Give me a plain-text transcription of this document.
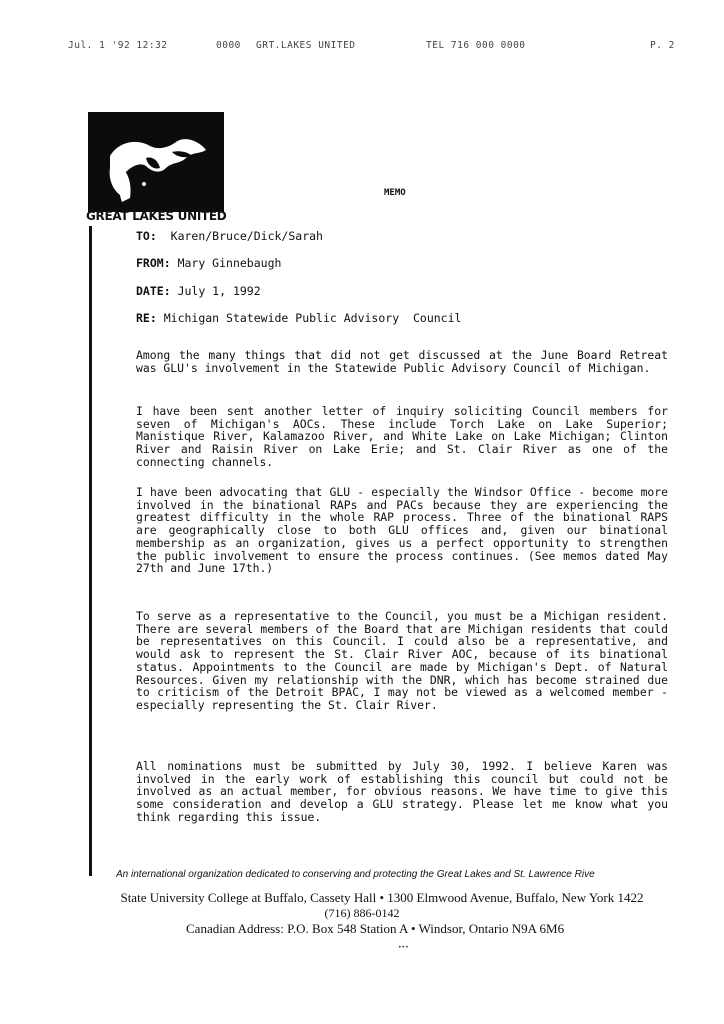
Jul. 1 '92 12:32	0000 GRT.LAKES UNITED	TEL 716 000 0000	P. 2
GREAT LAKES UNITED
MEMO
TO: Karen/Bruce/Dick/Sarah
FROM: Mary Ginnebaugh
DATE: July 1, 1992
RE: Michigan Statewide Public Advisory  Council
Among the many things that did not get discussed at the June Board Retreat was GLU's involvement in the Statewide Public Advisory Council of Michigan.
I have been sent another letter of inquiry soliciting Council members for seven of Michigan's AOCs. These include Torch Lake on Lake Superior; Manistique River, Kalamazoo River, and White Lake on Lake Michigan; Clinton River and Raisin River on Lake Erie; and St. Clair River as one of the connecting channels.
I have been advocating that GLU - especially the Windsor Office - become more involved in the binational RAPs and PACs because they are experiencing the greatest difficulty in the whole RAP process. Three of the binational RAPS are geographically close to both GLU offices and, given our binational membership as an organization, gives us a perfect opportunity to strengthen the public involvement to ensure the process continues. (See memos dated May 27th and June 17th.)
To serve as a representative to the Council, you must be a Michigan resident. There are several members of the Board that are Michigan residents that could be representatives on this Council. I could also be a representative, and would ask to represent the St. Clair River AOC, because of its binational status. Appointments to the Council are made by Michigan's Dept. of Natural Resources. Given my relationship with the DNR, which has become strained due to criticism of the Detroit BPAC, I may not be viewed as a welcomed member - especially representing the St. Clair River.
All nominations must be submitted by July 30, 1992. I believe Karen was involved in the early work of establishing this council but could not be involved as an actual member, for obvious reasons. We have time to give this some consideration and develop a GLU strategy. Please let me know what you think regarding this issue.
An international organization dedicated to conserving and protecting the Great Lakes and St. Lawrence Rive
State University College at Buffalo, Cassety Hall • 1300 Elmwood Avenue, Buffalo, New York 1422
(716) 886-0142
Canadian Address: P.O. Box 548 Station A • Windsor, Ontario N9A 6M6
•••
